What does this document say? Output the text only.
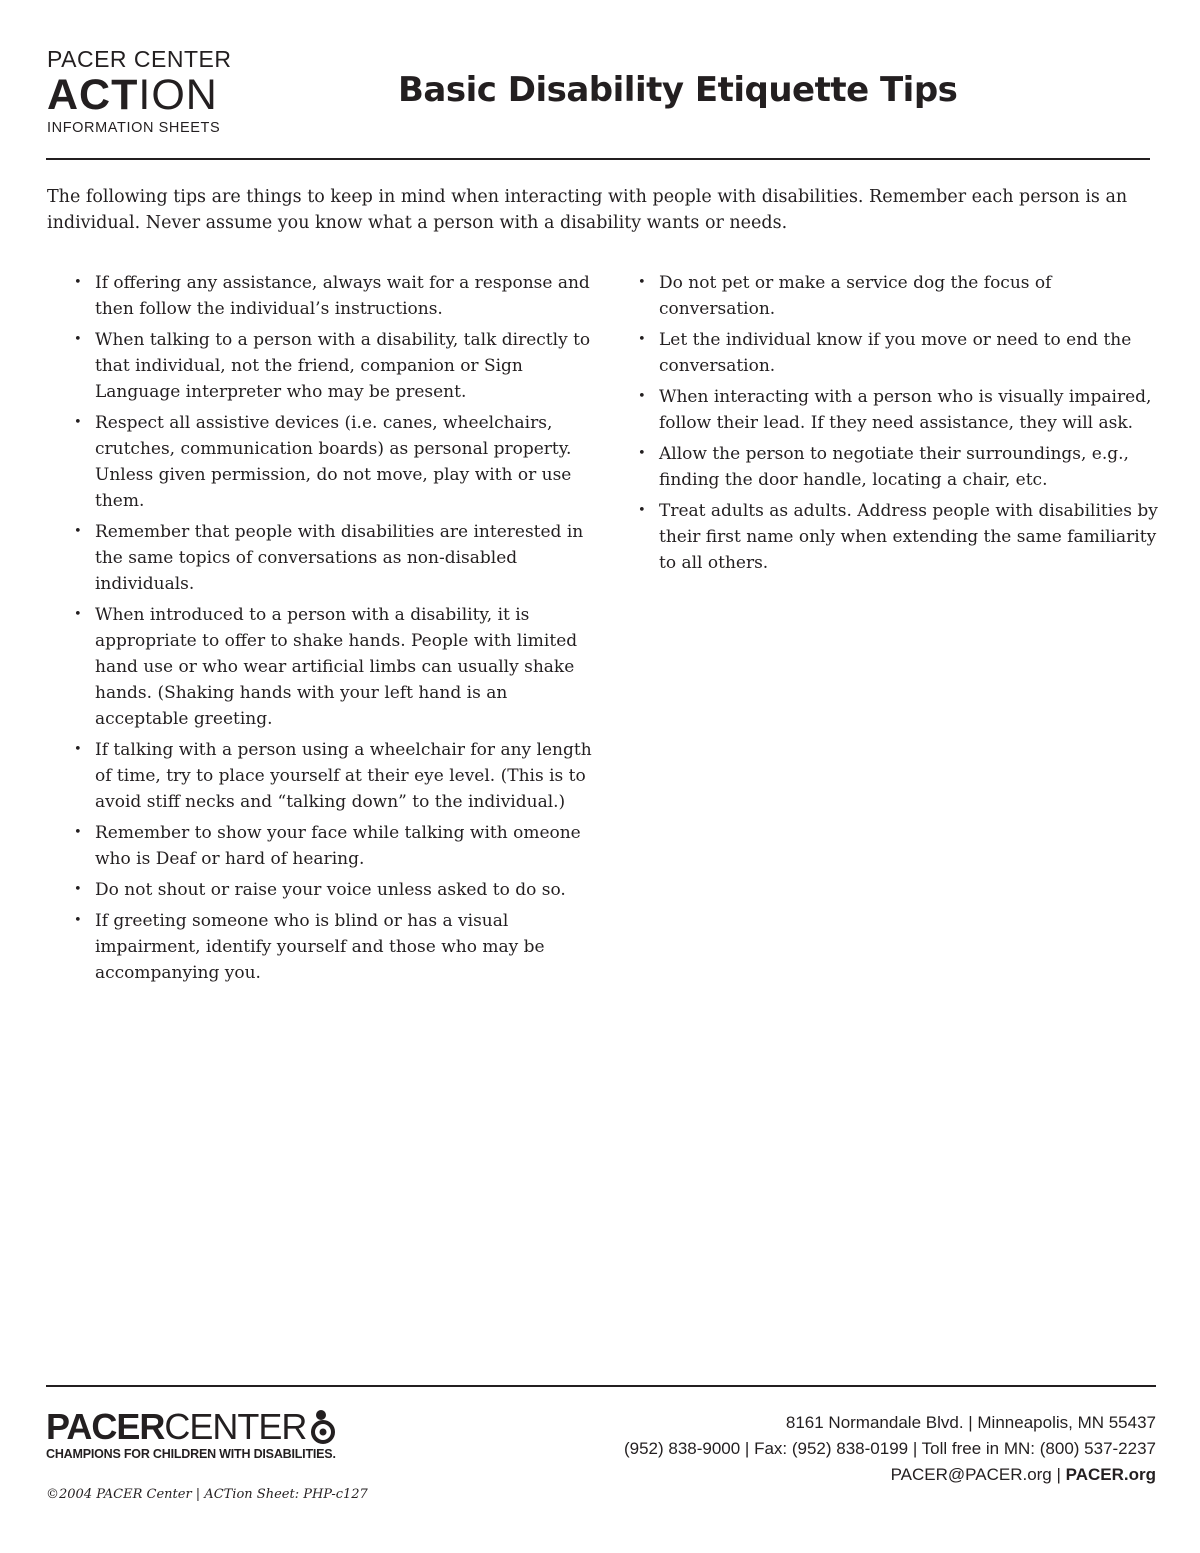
PACER CENTER
ACTION
INFORMATION SHEETS
Basic Disability Etiquette Tips

The following tips are things to keep in mind when interacting with people with disabilities. Remember each person is an individual. Never assume you know what a person with a disability wants or needs.

• If offering any assistance, always wait for a response and then follow the individual’s instructions.
• When talking to a person with a disability, talk directly to that individual, not the friend, companion or Sign Language interpreter who may be present.
• Respect all assistive devices (i.e. canes, wheelchairs, crutches, communication boards) as personal property. Unless given permission, do not move, play with or use them.
• Remember that people with disabilities are interested in the same topics of conversations as non-disabled individuals.
• When introduced to a person with a disability, it is appropriate to offer to shake hands. People with limited hand use or who wear artificial limbs can usually shake hands. (Shaking hands with your left hand is an acceptable greeting.
• If talking with a person using a wheelchair for any length of time, try to place yourself at their eye level. (This is to avoid stiff necks and “talking down” to the individual.)
• Remember to show your face while talking with omeone who is Deaf or hard of hearing.
• Do not shout or raise your voice unless asked to do so.
• If greeting someone who is blind or has a visual impairment, identify yourself and those who may be accompanying you.
• Do not pet or make a service dog the focus of conversation.
• Let the individual know if you move or need to end the conversation.
• When interacting with a person who is visually impaired, follow their lead. If they need assistance, they will ask.
• Allow the person to negotiate their surroundings, e.g., finding the door handle, locating a chair, etc.
• Treat adults as adults. Address people with disabilities by their first name only when extending the same familiarity to all others.
PACER CENTER
CHAMPIONS FOR CHILDREN WITH DISABILITIES.
©2004 PACER Center | ACTion Sheet: PHP-c127
8161 Normandale Blvd. | Minneapolis, MN 55437
(952) 838-9000 | Fax: (952) 838-0199 | Toll free in MN: (800) 537-2237
PACER@PACER.org | PACER.org
